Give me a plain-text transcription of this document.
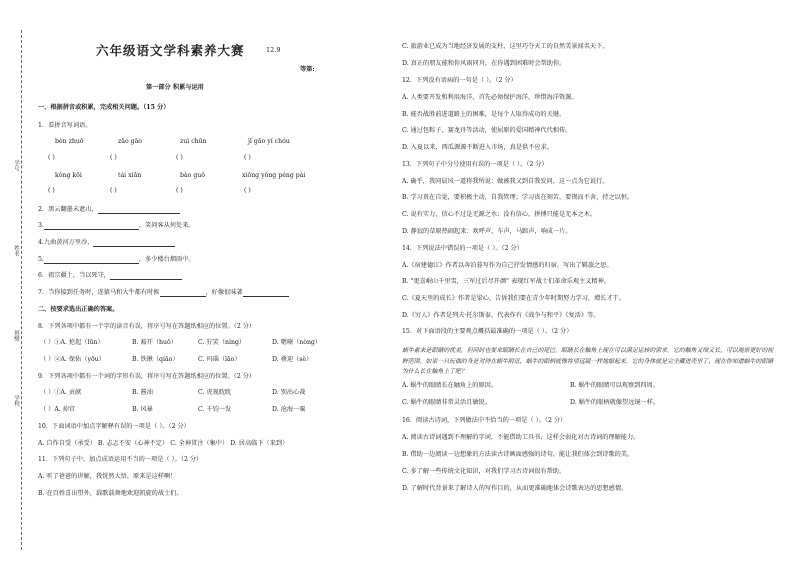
学号
姓名
班级
学校
六年级语文学科素养大赛	12.9
等第:
第一部分 积累与运用
一、根据拼音或积累，完成相关问题。（15 分）
1．看拼音写词语。
bèn zhuō	zāo gāo	zuì chūn	jǐ gǎo yí chóu
( )	( )	( )	( )
kǒng kōi	tái xiān	bào guǒ	xiōng yǒng péng pài
( )	( )	( )	( )
2．黑云翻墨未遮山，
3.	，笑问客从何处来。
4.九曲黄河万里沙，
5.	，多少楼台烟雨中。
6．祖宗疆土，当以死守，
7．当你接到任务时，连猿马和大牛都有时候	，好像很味著
二、按要求选出正确的答案。
8．下列各项中都有一个字的读音有误，将序号写在答题纸相应的位置。（2 分）
（ ）①A. 抡起（lūn）	B. 豁开（huō）	C. 狞笑（níng）	D. 嗯噻（nòng）
（ ）②A. 保佑（yōu）	B. 铁锹（qiāo）	C. 玛瑙（lǎo）	D. 叠迎（sè）
9．下列各项中都有一个词的字形有误，将序号写在答题纸相应的位置。（2 分）
（ ）①A. 贡献	B. 酱油	C. 虎视眈眈	D. 别出心裁
（ ）A. 掉宫	B. 风暴	C. 千钧一发	D. 沧海一粟
10．下面词语中加点字解释有误的一项是（ ）。（2 分）
A. 自作自受（承受） B. 忐忑不安（心神不定） C. 全神贯注（集中） D. 居高临下（来到）
11．下列句子中，加点成语运用不当的一项是（ ）。（2 分）
A. 听了爸爸的讲解，我恍然大悟，原来是这样啊！
B. 在百姓喜出望外，载歌载舞地欢迎凯旋的战士们。
C. 旅游业已成为当地经济发展的支柱，这里巧夺天工的自然美景闻名天下。
D. 真正的朋友能和你风雨同舟，在你遇到困难时会帮助你。
12．下列没有语病的一句是（ ）。（2 分）
A. 人类要开发和利用海洋，首先必须保护海洋，珍惜海洋资源。
B. 能否战胜前进道路上的困难，是每个人取得成功的关键。
C. 通过包粽子、赛龙舟等活动，使屈原的爱国精神代代相传。
D. 入夏以来，西瓜源源不断进入市场，真是供不应求。
13．下列句子中分号使用有误的一项是（ ）。（2 分）
A. 确乎，我同晨风一道将我所说：做被我又到自我发问，这一点为它说行。
B. 学习贵在自觉，要积极主动，自我管理；学习贵在刻苦，要锲而不舍，持之以恒。
C. 说有实力，信心不过是无源之水；没有信心，拼搏只能是无本之木。
D. 静寂的草原热闹起来：欢呼声，车声，马蹄声，响成一片。
14．下列说法中错误的一项是（ ）。（2 分）
A.《宿建德江》作者以奔泊暮写作为自己抒发情感的归宿，写出了羁旅之思。
B. "更喜岷山千里雪，三军过后尽开颜" 表现红军战士们革命乐观主义精神。
C.《夏天里的成长》作者是梁心，告诉我们要在青少年时期努力学习，增长才干。
D.《穷人》作者是列夫·托尔斯泰，代表作有《战争与和平》《复活》等。
15．对下面语段的主要观点概括最准确的一项是（ ）。（2 分）
蜗牛素来是眼睛的优美，但同时也要来眼睛长在自己的尾巴。眼睛长在触角上现在可以满足运转的需求。它的触角又细又长，可以观察更好的视野范围。如果一只玩偶的身是对待在蜗牛附近，蜗牛的眼柄就像将望远镜一样地缩起来。它的身体就是完全藏进壳里了，现在你知道蜗牛的眼睛为什么长在触角上了吧？
A. 蜗牛的眼睛长在触角上的原因。	B. 蜗牛的眼睛可以观察到四周。
C. 蜗牛的眼睛非常灵活且敏锐。	D. 蜗牛的眼柄就像望远镜一样。
16．阅读古诗词，下列做法中不恰当的一项是（ ）。（2 分）
A. 阅读古诗词遇到不理解的字词，不能借助工具书，这样会弱化对古诗词的理解能力。
B. 借助一边阅读一边想象的方法读古诗画面感强的诗句，能让我们体会到诗歌的美。
C. 多了解一些传统文化知识，对我们学习古诗词很有帮助。
D. 了解时代背景来了解诗人的写作目的，从而更准确地体会诗歌表达的思想感情。
